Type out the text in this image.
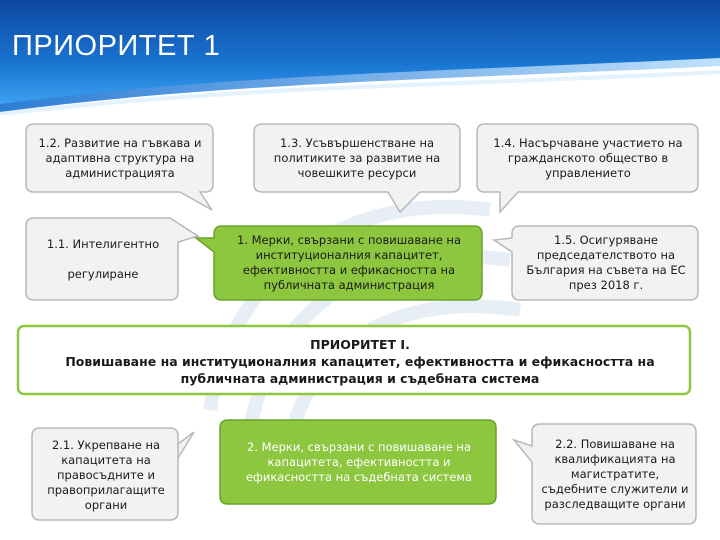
ПРИОРИТЕТ 1
1.2. Развитие на гъвкава и адаптивна структура на администрацията
1.3. Усъвършенстване на политиките за развитие на човешките ресурси
1.4. Насърчаване участието на гражданското общество в управлението
1.1. Интелигентно

регулиране
1. Мерки, свързани с повишаване на институционалния капацитет, ефективността и ефикасността на публичната администрация
1.5. Осигуряване председателството на България на съвета на ЕС през 2018 г.
2.1. Укрепване на капацитета на правосъдните и правоприлагащите органи
2. Мерки, свързани с повишаване на капацитета, ефективността и ефикасността на съдебната система
2.2. Повишаване на квалификацията на магистратите, съдебните служители и разследващите органи
ПРИОРИТЕТ I.
Повишаване на институционалния капацитет, ефективността и ефикасността на публичната администрация и съдебната система
